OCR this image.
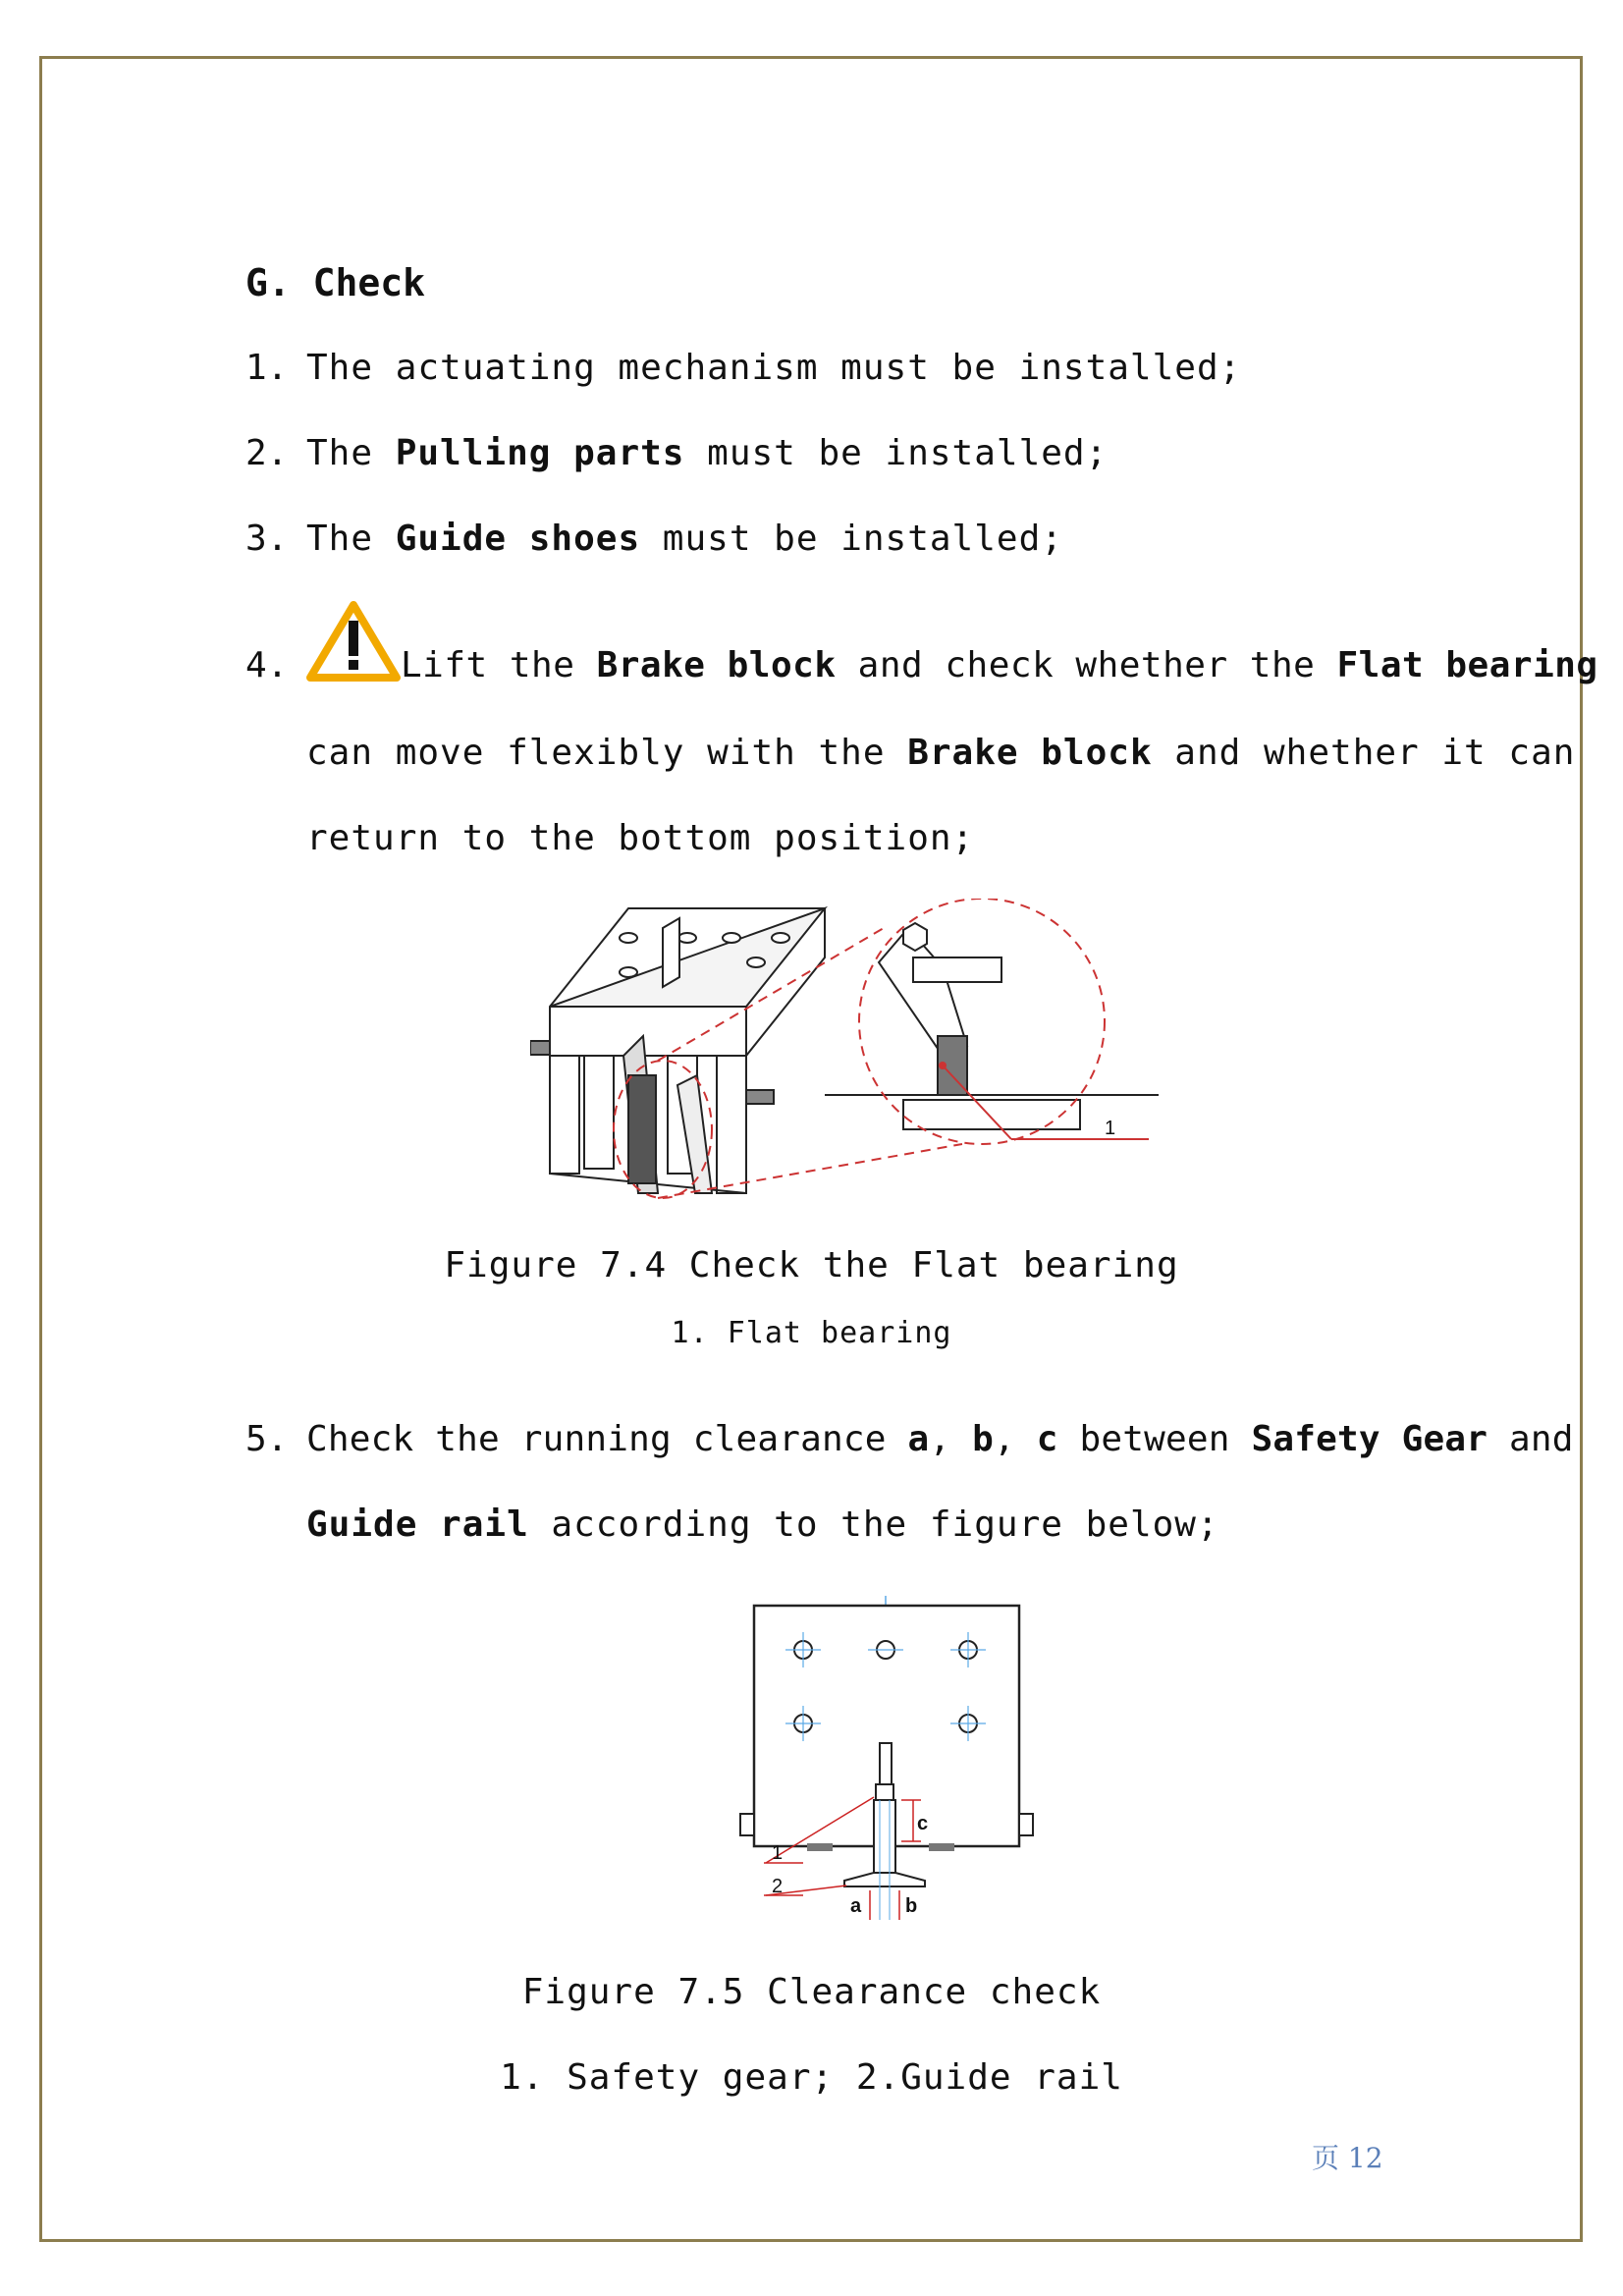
G. Check
1. The actuating mechanism must be installed;
2. The Pulling parts must be installed;
3. The Guide shoes must be installed;
4.	Lift the Brake block and check whether the Flat bearing
can move flexibly with the Brake block and whether it can
return to the bottom position;
1
Figure 7.4 Check the Flat bearing
1. Flat bearing
5. Check the running clearance a, b, c between Safety Gear and
Guide rail according to the figure below;
1
2
a b
c
Figure 7.5 Clearance check
1. Safety gear; 2.Guide rail
页 12
